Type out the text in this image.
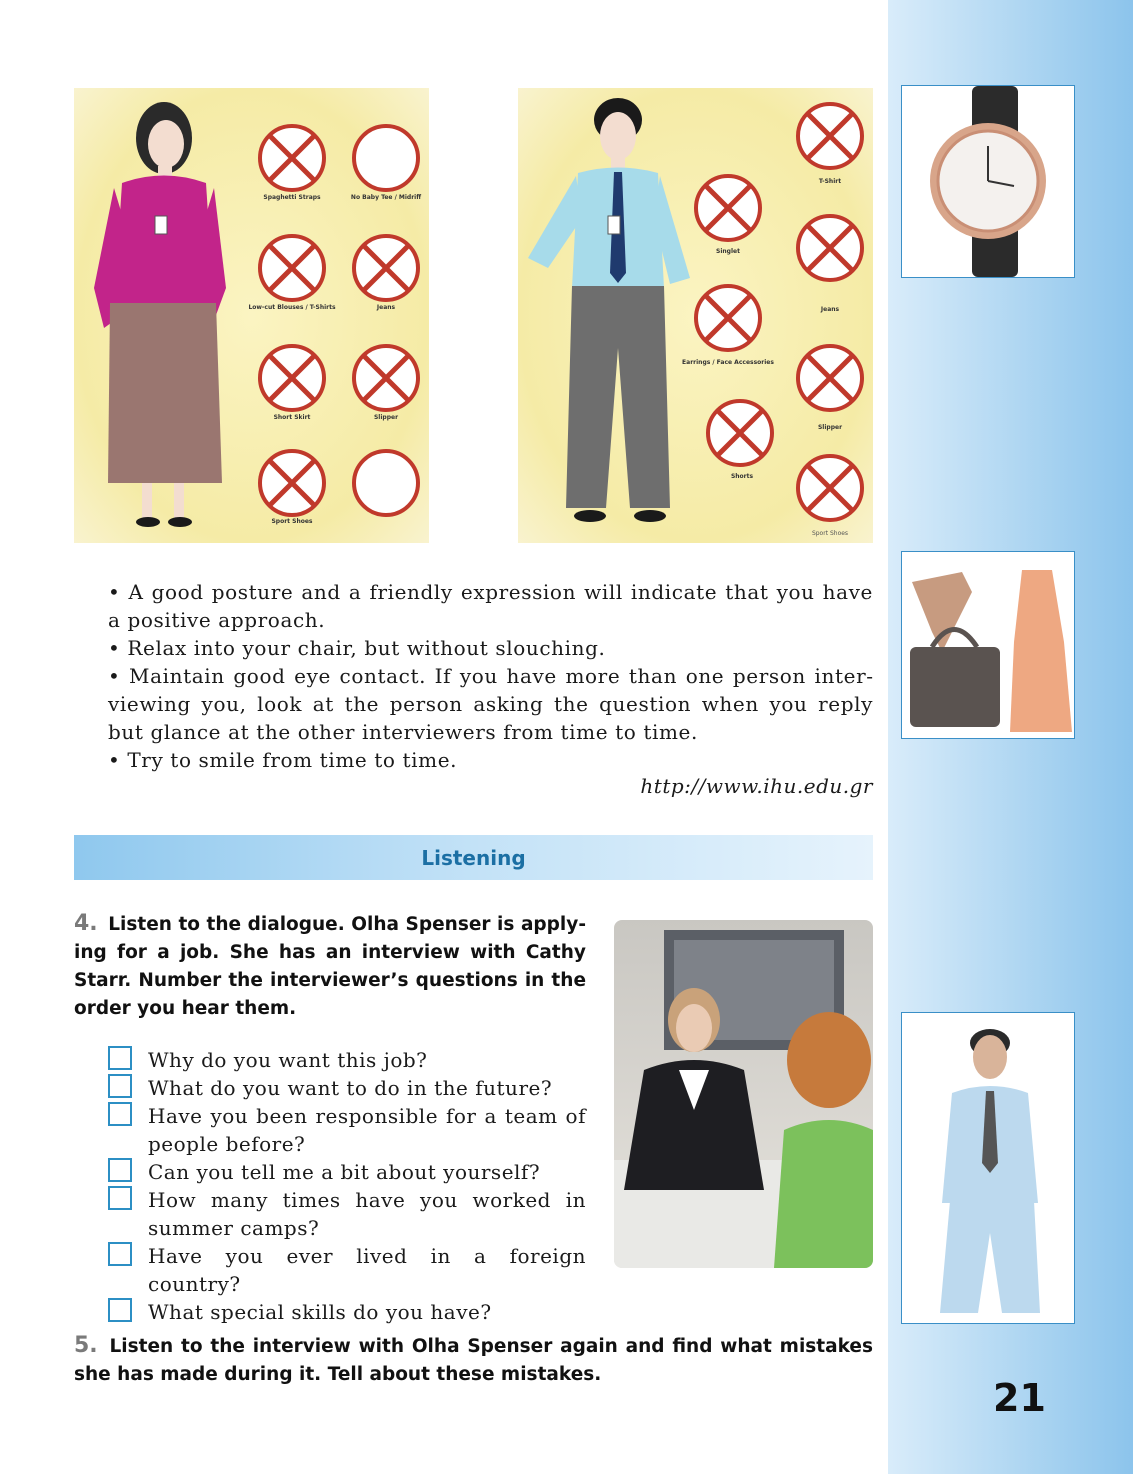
Spaghetti Straps	No Baby Tee / Midriff
Low-cut Blouses / T-Shirts	Jeans
Short Skirt	Slipper
Sport Shoes
T-Shirt
Singlet
Jeans
Earrings / Face Accessories
Slipper
Shorts
Sport Shoes

• A good posture and a friendly expression will indicate that you have a positive approach.

• Relax into your chair, but without slouching.

• Maintain good eye contact. If you have more than one person interviewing you, look at the person asking the question when you reply but glance at the other interviewers from time to time.

• Try to smile from time to time.

http://www.ihu.edu.gr
Listening
4. Listen to the dialogue. Olha Spenser is applying for a job. She has an interview with Cathy Starr. Number the interviewer’s questions in the order you hear them.
Why do you want this job?
What do you want to do in the future?
Have you been responsible for a team of people before?
Can you tell me a bit about yourself?
How many times have you worked in summer camps?
Have you ever lived in a foreign country?
What special skills do you have?
5. Listen to the interview with Olha Spenser again and find what mistakes she has made during it. Tell about these mistakes.
21
